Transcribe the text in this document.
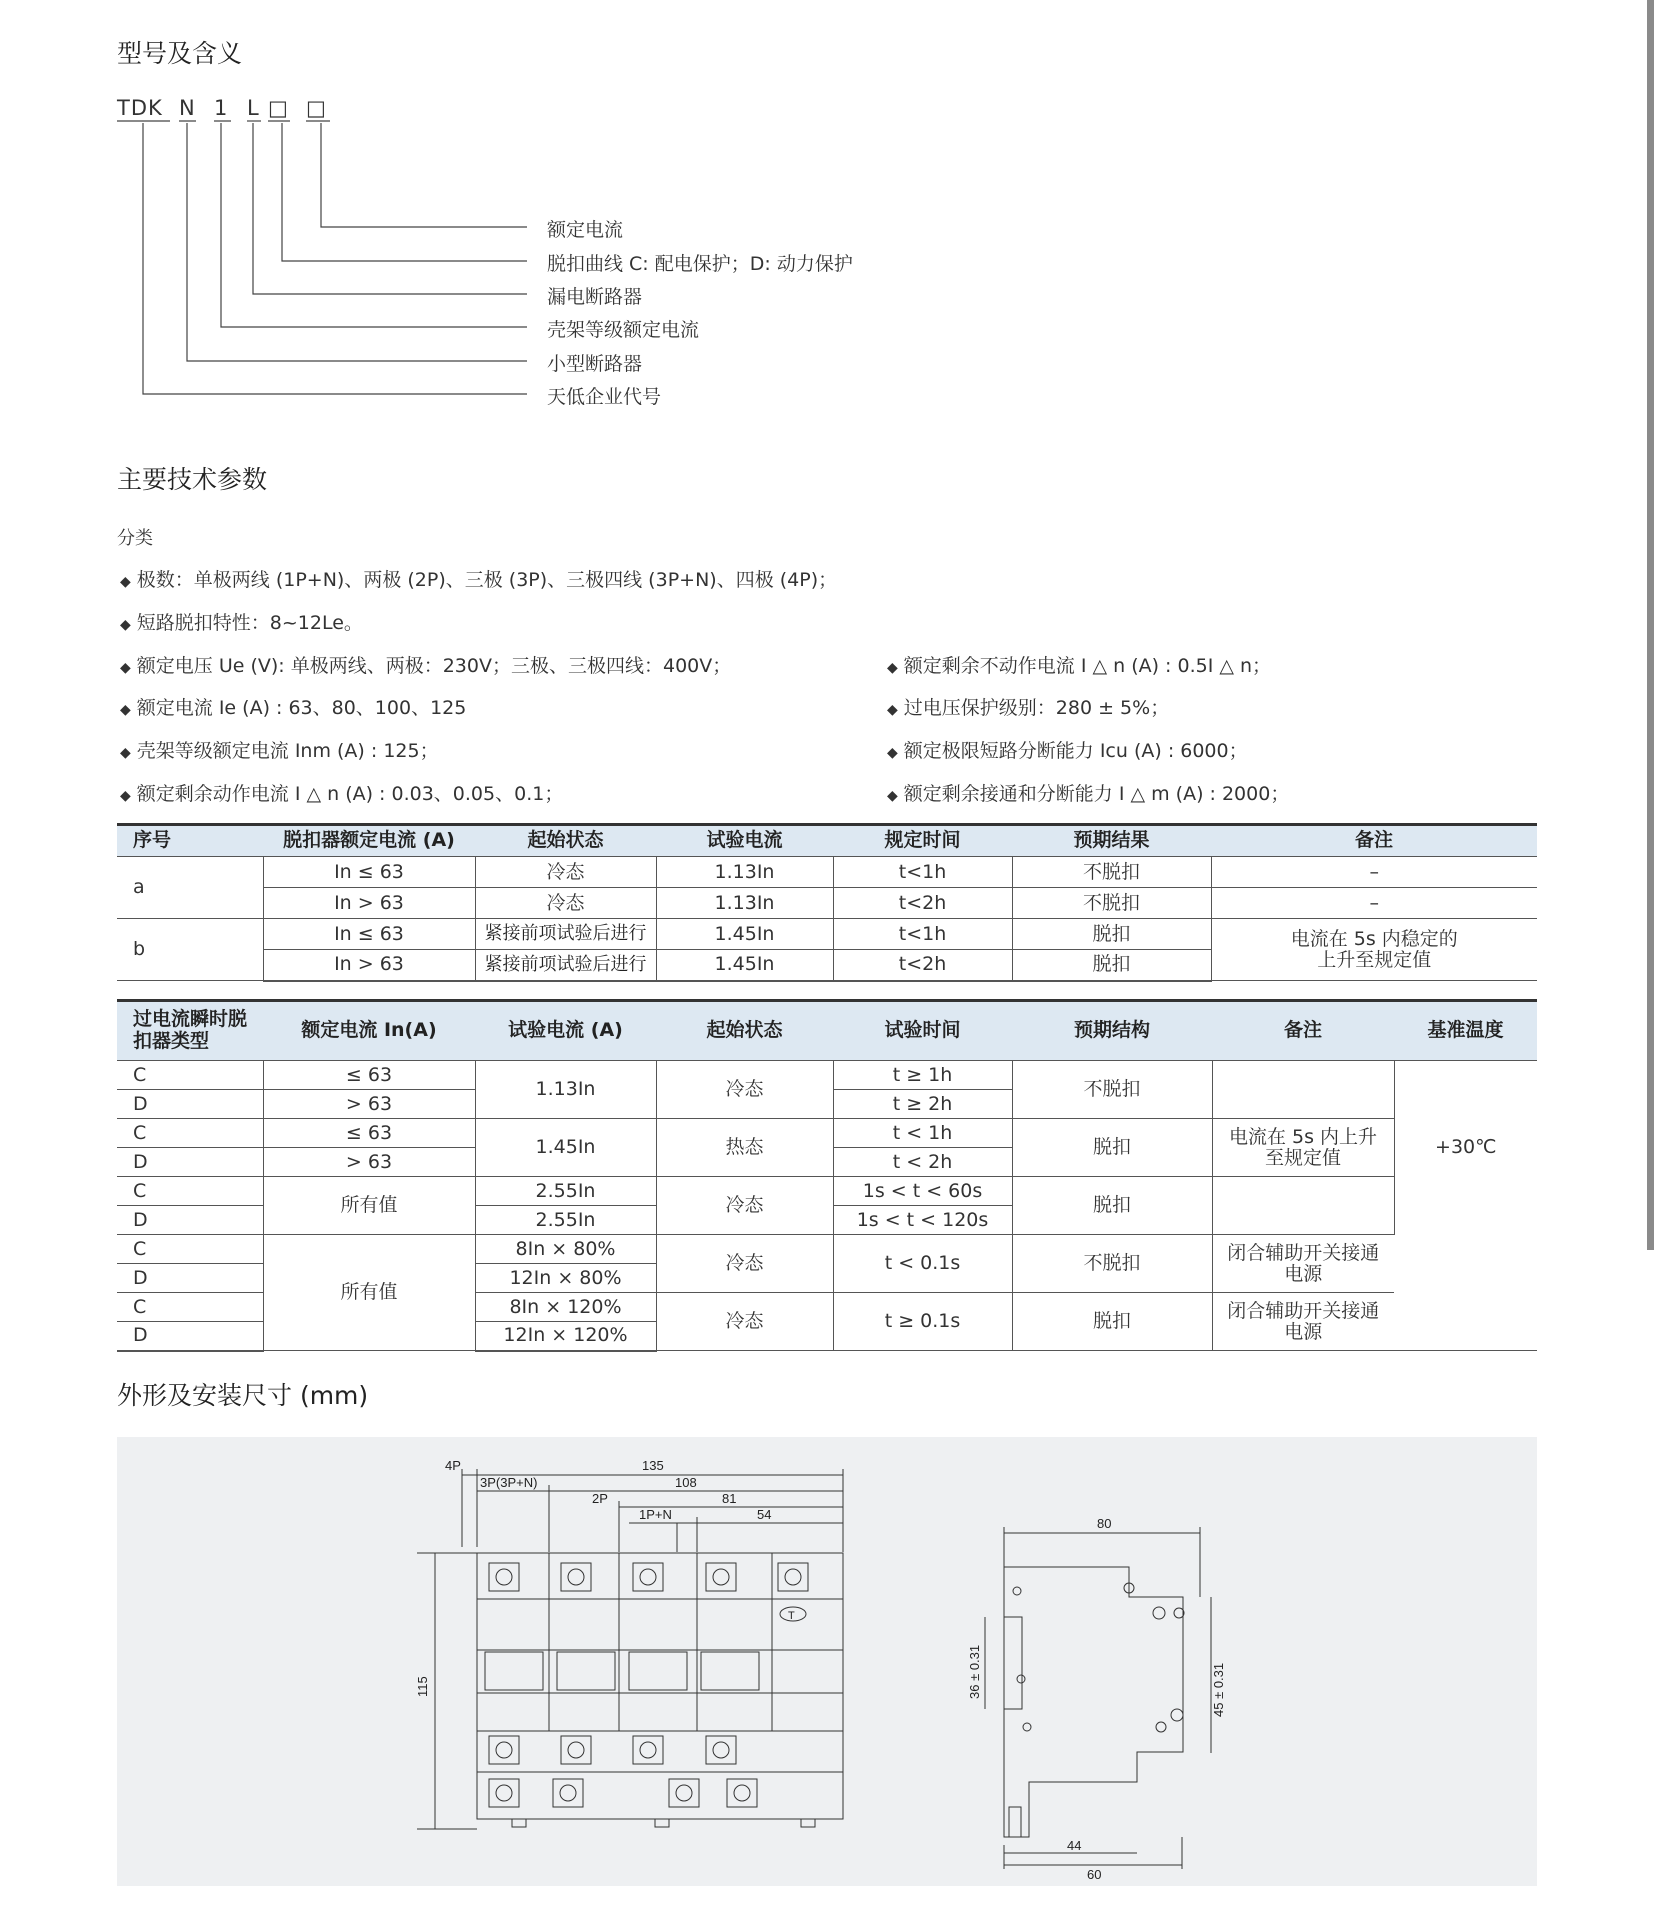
型号及含义
TDK N 1 L □ □
额定电流
脱扣曲线 C: 配电保护；D: 动力保护
漏电断路器
壳架等级额定电流
小型断路器
天低企业代号
主要技术参数
分类
◆ 极数：单极两线 (1P+N)、两极 (2P)、三极 (3P)、三极四线 (3P+N)、四极 (4P)；
◆ 短路脱扣特性：8~12Le。
◆ 额定电压 Ue (V): 单极两线、两极：230V；三极、三极四线：400V；
◆ 额定电流 Ie (A) : 63、80、100、125
◆ 壳架等级额定电流 Inm (A) : 125；
◆ 额定剩余动作电流 I △ n (A) : 0.03、0.05、0.1；
◆ 额定剩余不动作电流 I △ n (A) : 0.5I △ n；
◆ 过电压保护级别：280 ± 5%；
◆ 额定极限短路分断能力 Icu (A) : 6000；
◆ 额定剩余接通和分断能力 I △ m (A) : 2000；
序号	脱扣器额定电流 (A)	起始状态	试验电流	规定时间	预期结果	备注
a	In ≤ 63	冷态	1.13In	t<1h	不脱扣	–
	In > 63	冷态	1.13In	t<2h	不脱扣	–
b	In ≤ 63	紧接前项试验后进行	1.45In	t<1h	脱扣	电流在 5s 内稳定的上升至规定值

	In > 63	紧接前项试验后进行	1.45In	t<2h	脱扣	
过电流瞬时脱扣器类型	额定电流 In(A)	试验电流 (A)	起始状态	试验时间	预期结构	备注	基准温度
C	≤ 63	1.13In	冷态	t ≥ 1h	不脱扣		+30℃
D	> 63			t ≥ 2h			
C	≤ 63	1.45In	热态	t < 1h	脱扣	电流在 5s 内上升至规定值	

D	> 63			t < 2h			
C	所有值	2.55In	冷态	1s < t < 60s	脱扣		
D		2.55In		1s < t < 120s			
C	所有值	8In × 80%	冷态	t < 0.1s	不脱扣	闭合辅助开关接通电源	

D		12In × 80%					
C		8In × 120%	冷态	t ≥ 0.1s	脱扣	闭合辅助开关接通电源	

D		12In × 120%					
外形及安装尺寸 (mm)
4P	135
3P(3P+N)	108
2P	81
1P+N	54
115
T
80
36 ± 0.31	45 ± 0.31
44
60
